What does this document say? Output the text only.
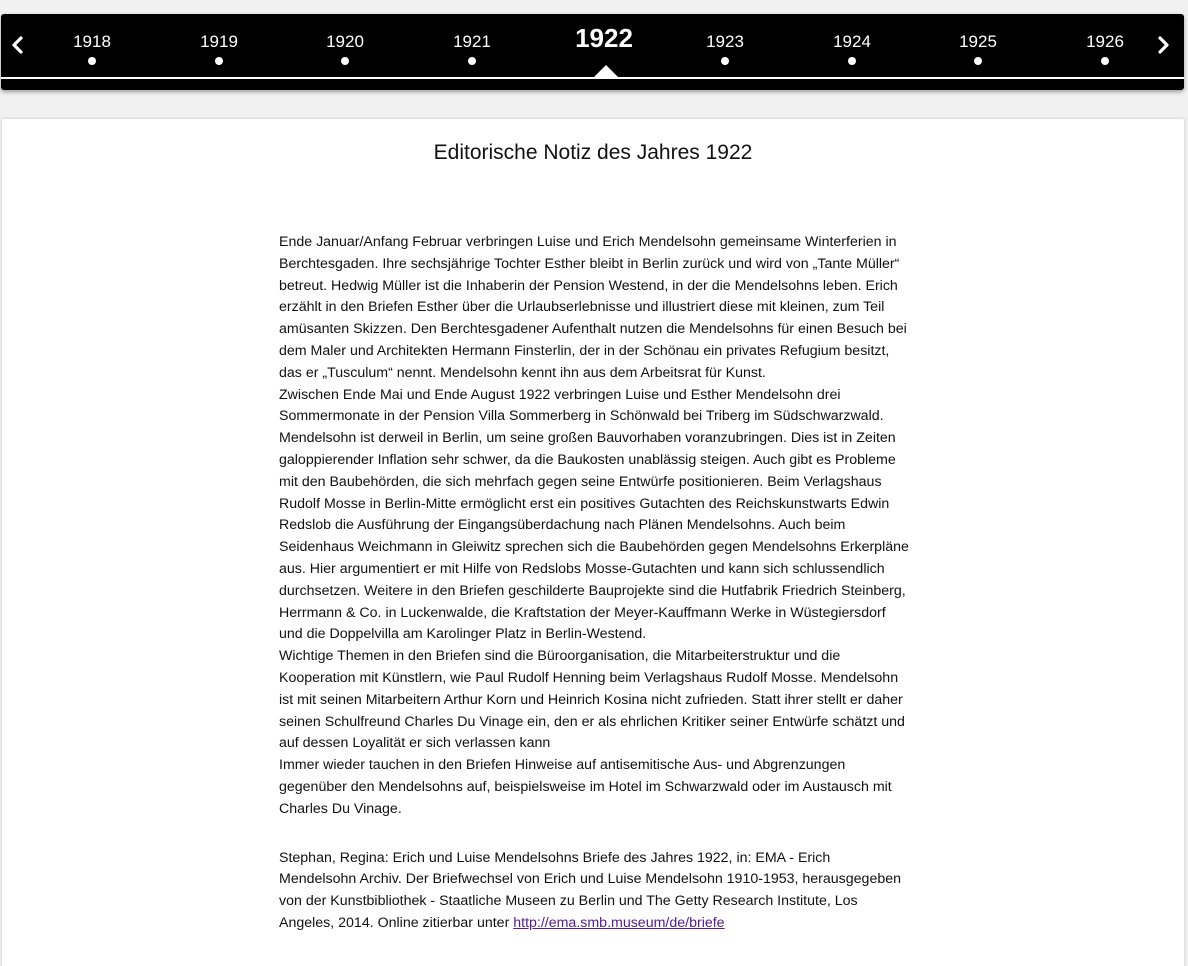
1918	1919	1920	1921	1922	1923	1924	1925	1926
Editorische Notiz des Jahres 1922

Ende Januar/Anfang Februar verbringen Luise und Erich Mendelsohn gemeinsame Winterferien in Berchtesgaden. Ihre sechsjährige Tochter Esther bleibt in Berlin zurück und wird von „Tante Müller“ betreut. Hedwig Müller ist die Inhaberin der Pension Westend, in der die Mendelsohns leben. Erich erzählt in den Briefen Esther über die Urlaubserlebnisse und illustriert diese mit kleinen, zum Teil amüsanten Skizzen. Den Berchtesgadener Aufenthalt nutzen die Mendelsohns für einen Besuch bei dem Maler und Architekten Hermann Finsterlin, der in der Schönau ein privates Refugium besitzt, das er „Tusculum“ nennt. Mendelsohn kennt ihn aus dem Arbeitsrat für Kunst.

Zwischen Ende Mai und Ende August 1922 verbringen Luise und Esther Mendelsohn drei Sommermonate in der Pension Villa Sommerberg in Schönwald bei Triberg im Südschwarzwald. Mendelsohn ist derweil in Berlin, um seine großen Bauvorhaben voranzubringen. Dies ist in Zeiten galoppierender Inflation sehr schwer, da die Baukosten unablässig steigen. Auch gibt es Probleme mit den Baubehörden, die sich mehrfach gegen seine Entwürfe positionieren. Beim Verlagshaus Rudolf Mosse in Berlin-Mitte ermöglicht erst ein positives Gutachten des Reichskunstwarts Edwin Redslob die Ausführung der Eingangsüberdachung nach Plänen Mendelsohns. Auch beim Seidenhaus Weichmann in Gleiwitz sprechen sich die Baubehörden gegen Mendelsohns Erkerpläne aus. Hier argumentiert er mit Hilfe von Redslobs Mosse-Gutachten und kann sich schlussendlich durchsetzen. Weitere in den Briefen geschilderte Bauprojekte sind die Hutfabrik Friedrich Steinberg, Herrmann & Co. in Luckenwalde, die Kraftstation der Meyer-Kauffmann Werke in Wüstegiersdorf und die Doppelvilla am Karolinger Platz in Berlin-Westend.

Wichtige Themen in den Briefen sind die Büroorganisation, die Mitarbeiterstruktur und die Kooperation mit Künstlern, wie Paul Rudolf Henning beim Verlagshaus Rudolf Mosse. Mendelsohn ist mit seinen Mitarbeitern Arthur Korn und Heinrich Kosina nicht zufrieden. Statt ihrer stellt er daher seinen Schulfreund Charles Du Vinage ein, den er als ehrlichen Kritiker seiner Entwürfe schätzt und auf dessen Loyalität er sich verlassen kann

Immer wieder tauchen in den Briefen Hinweise auf antisemitische Aus- und Abgrenzungen gegenüber den Mendelsohns auf, beispielsweise im Hotel im Schwarzwald oder im Austausch mit Charles Du Vinage.

Stephan, Regina: Erich und Luise Mendelsohns Briefe des Jahres 1922, in: EMA - Erich Mendelsohn Archiv. Der Briefwechsel von Erich und Luise Mendelsohn 1910-1953, herausgegeben von der Kunstbibliothek - Staatliche Museen zu Berlin und The Getty Research Institute, Los Angeles, 2014. Online zitierbar unter http://ema.smb.museum/de/briefe
